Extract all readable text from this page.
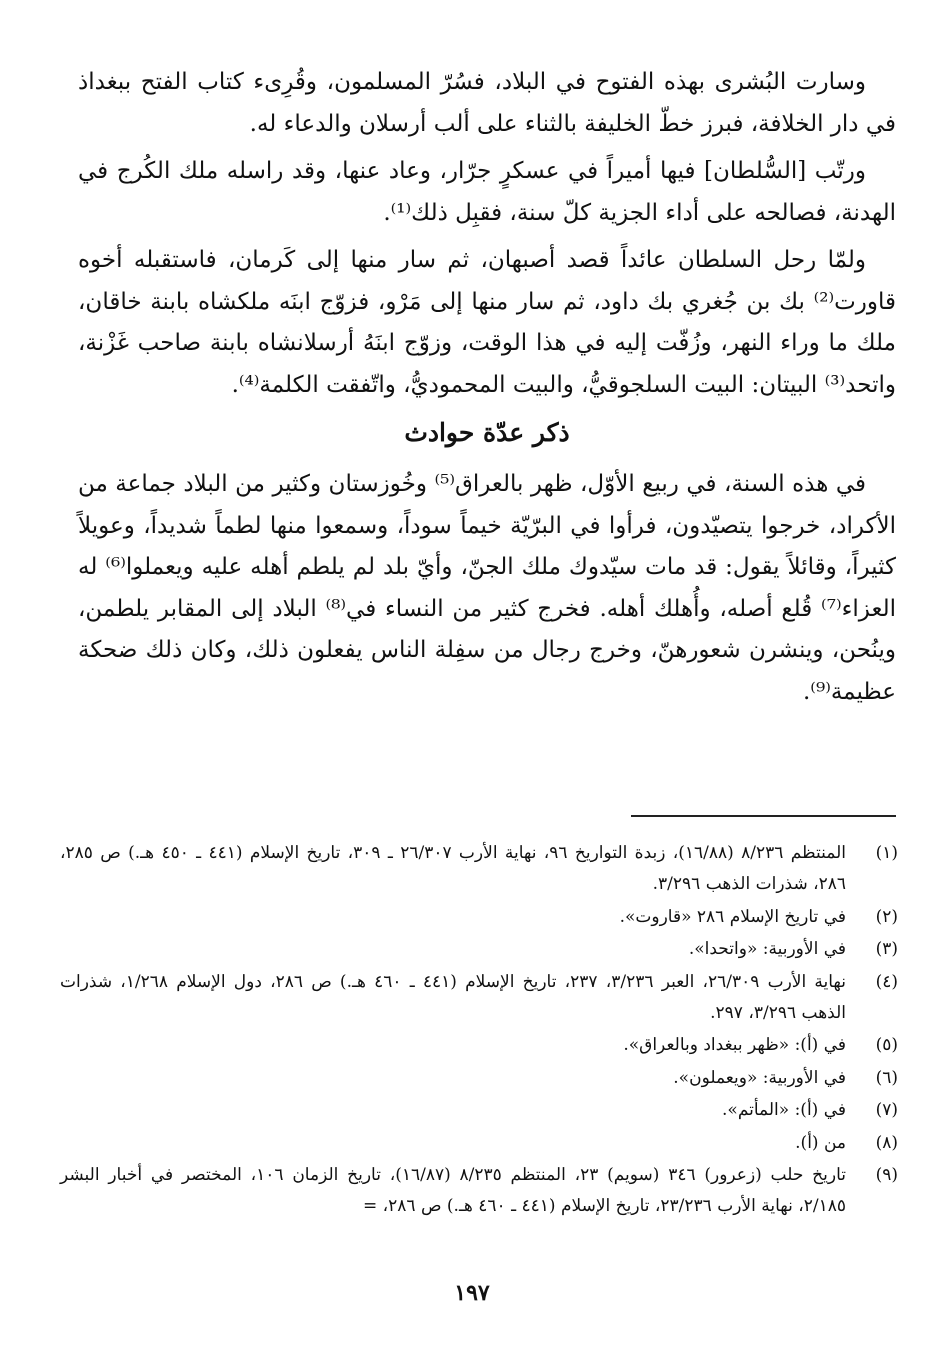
وسارت البُشرى بهذه الفتوح في البلاد، فسُرّ المسلمون، وقُرِىء كتاب الفتح ببغداذ في دار الخلافة، فبرز خطّ الخليفة بالثناء على ألب أرسلان والدعاء له.

ورتّب [السُّلطان] فيها أميراً في عسكرٍ جرّار، وعاد عنها، وقد راسله ملك الكُرج في الهدنة، فصالحه على أداء الجزية كلّ سنة، فقبِل ذلك⁽¹⁾.

ولمّا رحل السلطان عائداً قصد أصبهان، ثم سار منها إلى كَرمان، فاستقبله أخوه قاورت⁽²⁾ بك بن جُغري بك داود، ثم سار منها إلى مَرْو، فزوّج ابنَه ملكشاه بابنة خاقان، ملك ما وراء النهر، وزُفّت إليه في هذا الوقت، وزوّج ابنَهُ أرسلانشاه بابنة صاحب غَزْنة، واتحد⁽³⁾ البيتان: البيت السلجوقيُّ، والبيت المحموديُّ، واتّفقت الكلمة⁽⁴⁾.

ذكر عدّة حوادث

في هذه السنة، في ربيع الأوّل، ظهر بالعراق⁽⁵⁾ وخُوزستان وكثير من البلاد جماعة من الأكراد، خرجوا يتصيّدون، فرأوا في البرّيّة خيماً سوداً، وسمعوا منها لطماً شديداً، وعويلاً كثيراً، وقائلاً يقول: قد مات سيّدوك ملك الجنّ، وأيّ بلد لم يلطم أهله عليه ويعملوا⁽⁶⁾ له العزاء⁽⁷⁾ قُلع أصله، وأُهلك أهله. فخرج كثير من النساء في⁽⁸⁾ البلاد إلى المقابر يلطمن، وينُحن، وينشرن شعورهنّ، وخرج رجال من سفِلة الناس يفعلون ذلك، وكان ذلك ضحكة عظيمة⁽⁹⁾.

(١)
المنتظم ٨/٢٣٦ (١٦/٨٨)، زبدة التواريخ ٩٦، نهاية الأرب ٢٦/٣٠٧ ـ ٣٠٩، تاريخ الإسلام (٤٤١ ـ ٤٥٠ هـ.) ص ٢٨٥، ٢٨٦، شذرات الذهب ٣/٢٩٦.
(٢)
في تاريخ الإسلام ٢٨٦ «قاروت».
(٣)
في الأوربية: «واتحدا».
(٤)
نهاية الأرب ٢٦/٣٠٩، العبر ٣/٢٣٦، ٢٣٧، تاريخ الإسلام (٤٤١ ـ ٤٦٠ هـ.) ص ٢٨٦، دول الإسلام ١/٢٦٨، شذرات الذهب ٣/٢٩٦، ٢٩٧.
(٥)
في (أ): «ظهر ببغداد وبالعراق».
(٦)
في الأوربية: «ويعملون».
(٧)
في (أ): «المأتم».
(٨)
من (أ).
(٩)
تاريخ حلب (زعرور) ٣٤٦ (سويم) ٢٣، المنتظم ٨/٢٣٥ (١٦/٨٧)، تاريخ الزمان ١٠٦، المختصر في أخبار البشر ٢/١٨٥، نهاية الأرب ٢٣/٢٣٦، تاريخ الإسلام (٤٤١ ـ ٤٦٠ هـ.) ص ٢٨٦، =
١٩٧
